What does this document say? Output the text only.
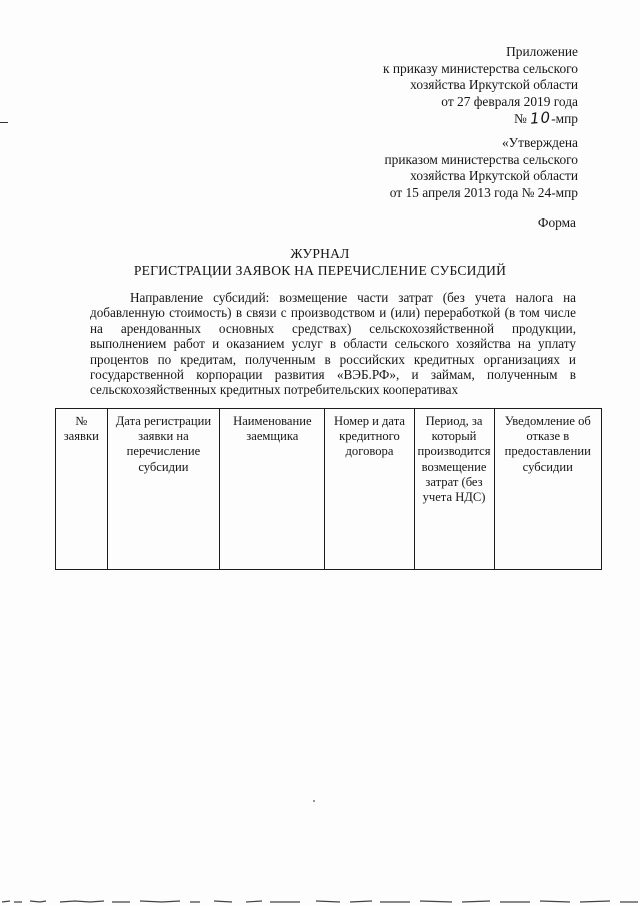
Приложение
к приказу министерства сельского
хозяйства Иркутской области
от 27 февраля 2019 года
№ 10-мпр
«Утверждена
приказом министерства сельского
хозяйства Иркутской области
от 15 апреля 2013 года № 24-мпр
Форма
ЖУРНАЛ
РЕГИСТРАЦИИ ЗАЯВОК НА ПЕРЕЧИСЛЕНИЕ СУБСИДИЙ

Направление субсидий: возмещение части затрат (без учета налога на добавленную стоимость) в связи с производством и (или) переработкой (в том числе на арендованных основных средствах) сельскохозяйственной продукции, выполнением работ и оказанием услуг в области сельского хозяйства на уплату процентов по кредитам, полученным в российских кредитных организациях и государственной корпорации развития «ВЭБ.РФ», и займам, полученным в сельскохозяйственных кредитных потребительских кооперативах

№ заявки	Дата регистрации заявки на перечисление субсидии	Наименование заемщика	Номер и дата кредитного договора	Период, за который производится возмещение затрат (без учета НДС)	Уведомление об отказе в предоставлении субсидии
